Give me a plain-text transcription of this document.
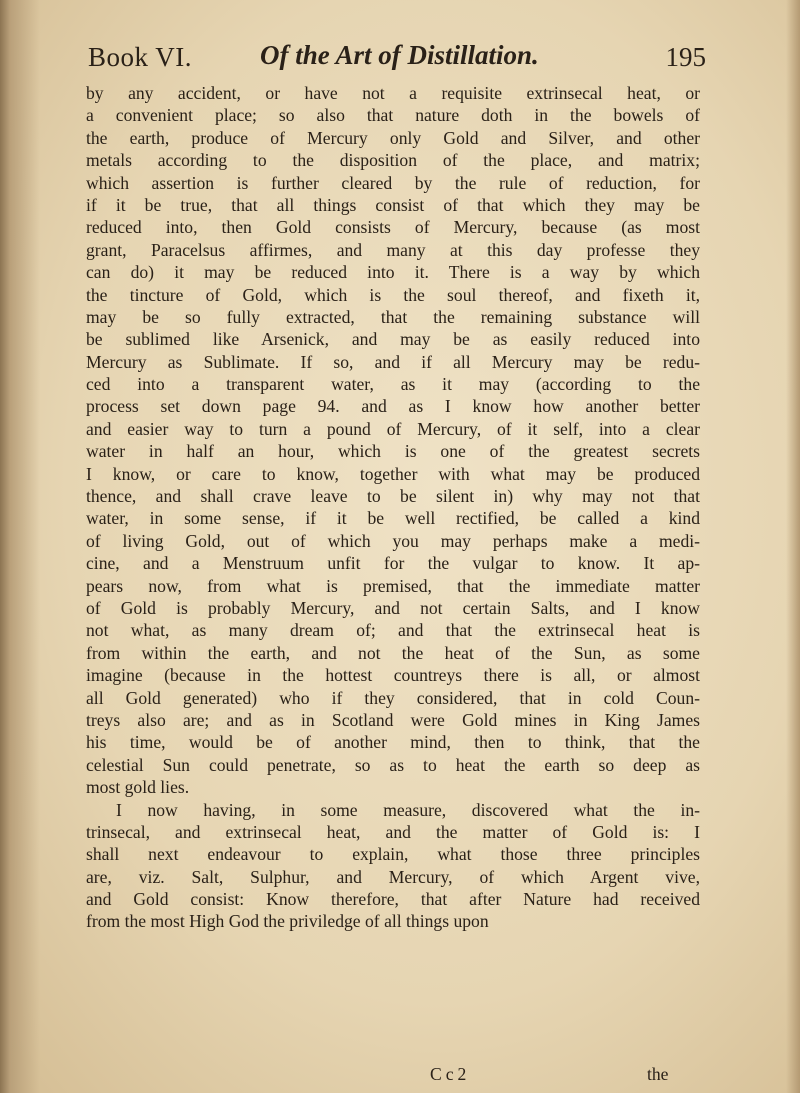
Book VI.	Of the Art of Distillation.	195
by any accident, or have not a requisite extrinsecal heat, or
a convenient place; so also that nature doth in the bowels of
the earth, produce of Mercury only Gold and Silver, and other
metals according to the disposition of the place, and matrix;
which assertion is further cleared by the rule of reduction, for
if it be true, that all things consist of that which they may be
reduced into, then Gold consists of Mercury, because (as most
grant, Paracelsus affirmes, and many at this day professe they
can do) it may be reduced into it. There is a way by which
the tincture of Gold, which is the soul thereof, and fixeth it,
may be so fully extracted, that the remaining substance will
be sublimed like Arsenick, and may be as easily reduced into
Mercury as Sublimate. If so, and if all Mercury may be redu-
ced into a transparent water, as it may (according to the
process set down page 94. and as I know how another better
and easier way to turn a pound of Mercury, of it self, into a clear
water in half an hour, which is one of the greatest secrets
I know, or care to know, together with what may be produced
thence, and shall crave leave to be silent in) why may not that
water, in some sense, if it be well rectified, be called a kind
of living Gold, out of which you may perhaps make a medi-
cine, and a Menstruum unfit for the vulgar to know. It ap-
pears now, from what is premised, that the immediate matter
of Gold is probably Mercury, and not certain Salts, and I know
not what, as many dream of; and that the extrinsecal heat is
from within the earth, and not the heat of the Sun, as some
imagine (because in the hottest countreys there is all, or almost
all Gold generated) who if they considered, that in cold Coun-
treys also are; and as in Scotland were Gold mines in King James
his time, would be of another mind, then to think, that the
celestial Sun could penetrate, so as to heat the earth so deep as
most gold lies.
I now having, in some measure, discovered what the in-
trinsecal, and extrinsecal heat, and the matter of Gold is: I
shall next endeavour to explain, what those three principles
are, viz. Salt, Sulphur, and Mercury, of which Argent vive,
and Gold consist: Know therefore, that after Nature had received
from the most High God the priviledge of all things upon
Cc2	the
